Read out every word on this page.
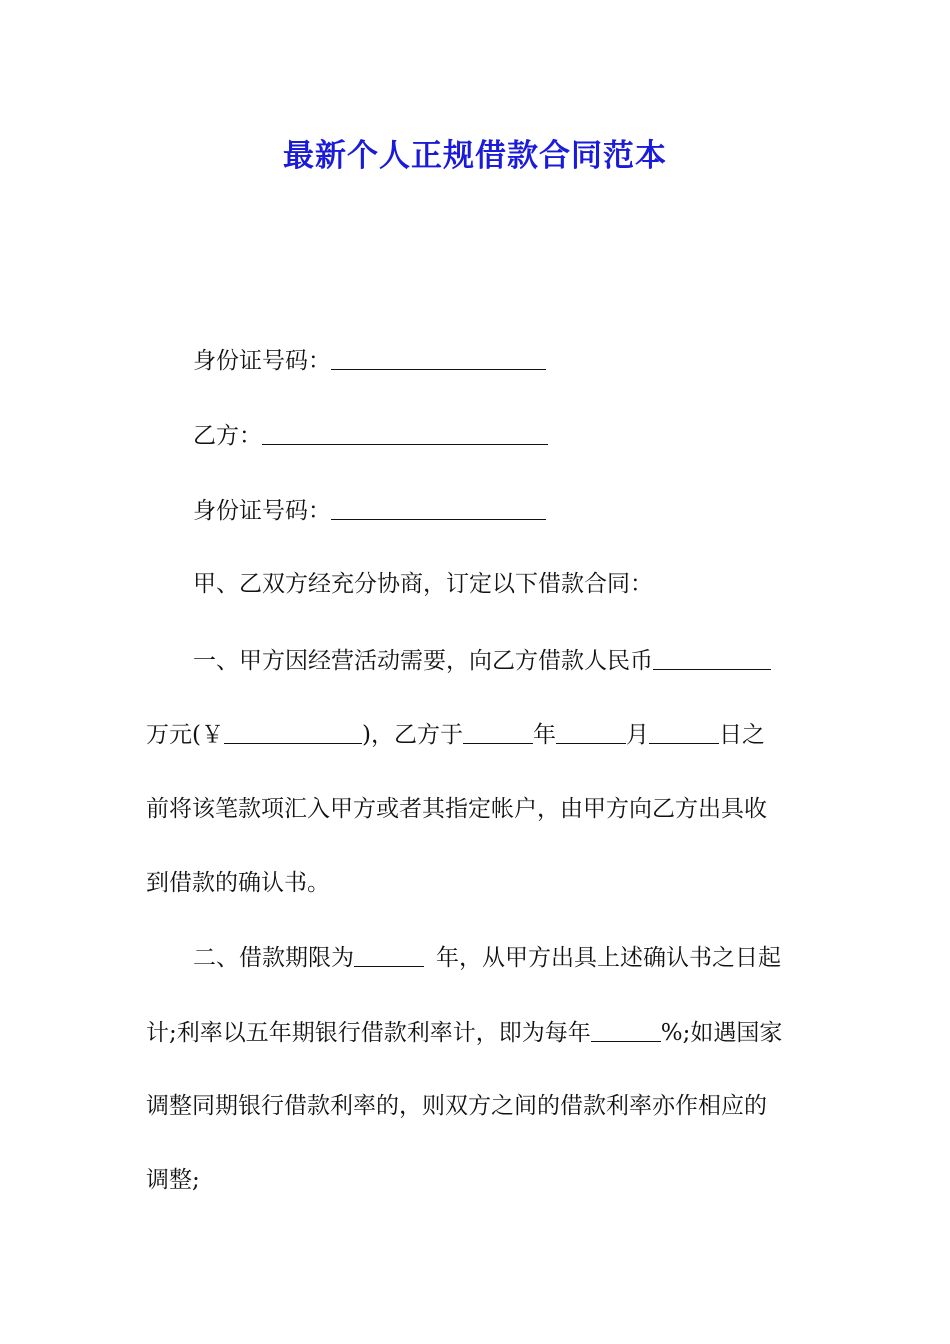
最新个人正规借款合同范本

身份证号码：

乙方：

身份证号码：

甲、乙双方经充分协商，订定以下借款合同：

一、甲方因经营活动需要，向乙方借款人民币

万元(￥	)，乙方于	年	月	日之

前将该笔款项汇入甲方或者其指定帐户，由甲方向乙方出具收

到借款的确认书。

二、借款期限为	年，从甲方出具上述确认书之日起

计;利率以五年期银行借款利率计，即为每年	%;如遇国家

调整同期银行借款利率的，则双方之间的借款利率亦作相应的

调整;
